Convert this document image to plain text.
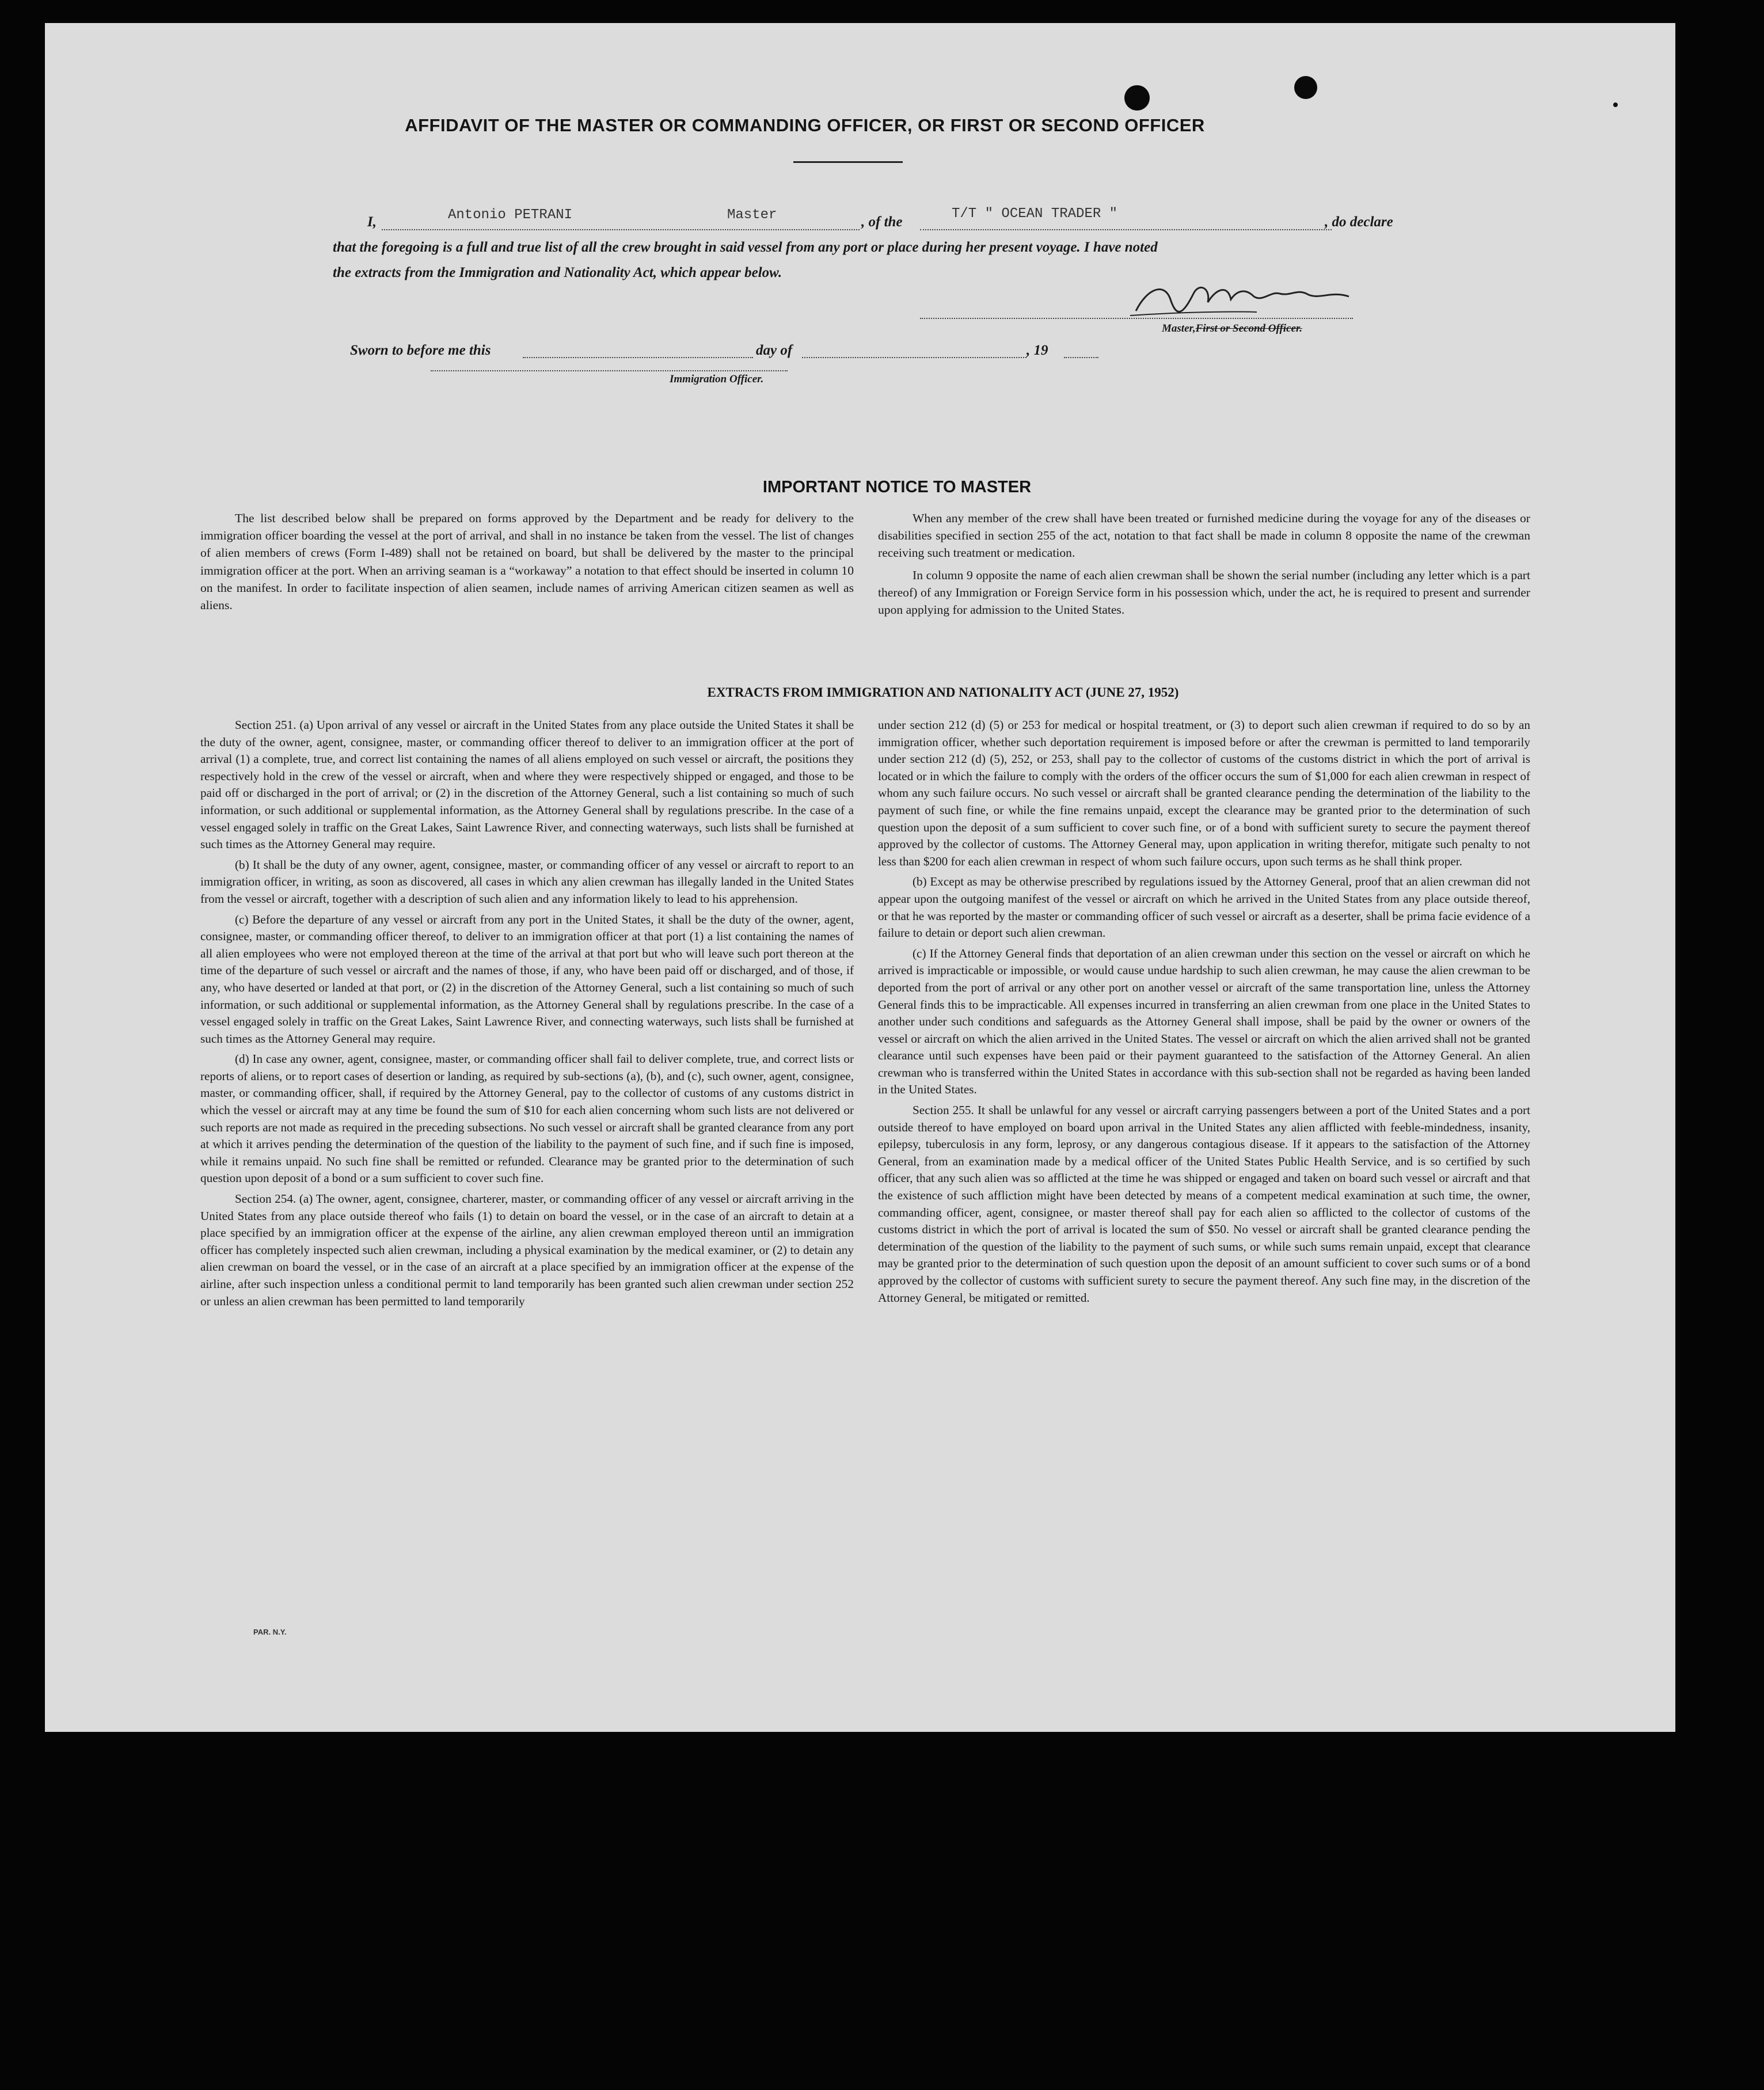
AFFIDAVIT OF THE MASTER OR COMMANDING OFFICER, OR FIRST OR SECOND OFFICER
I,	Antonio PETRANI	Master	, of the
T/T " OCEAN TRADER "
, do declare
that the foregoing is a full and true list of all the crew brought in said vessel from any port or place during her present voyage. I have noted
the extracts from the Immigration and Nationality Act, which appear below.
Master,First or Second Officer.
Sworn to before me this	day of	, 19
Immigration Officer.
IMPORTANT NOTICE TO MASTER

The list described below shall be prepared on forms approved by the Department and be ready for delivery to the immigration officer boarding the vessel at the port of arrival, and shall in no instance be taken from the vessel. The list of changes of alien members of crews (Form I-489) shall not be retained on board, but shall be delivered by the master to the principal immigration officer at the port. When an arriving seaman is a “workaway” a notation to that effect should be inserted in column 10 on the manifest. In order to facilitate inspection of alien seamen, include names of arriving American citizen seamen as well as aliens.

When any member of the crew shall have been treated or furnished medicine during the voyage for any of the diseases or disabilities specified in section 255 of the act, notation to that fact shall be made in column 8 opposite the name of the crewman receiving such treatment or medication.

In column 9 opposite the name of each alien crewman shall be shown the serial number (including any letter which is a part thereof) of any Immigration or Foreign Service form in his possession which, under the act, he is required to present and surrender upon applying for admission to the United States.

EXTRACTS FROM IMMIGRATION AND NATIONALITY ACT (JUNE 27, 1952)

Section 251. (a) Upon arrival of any vessel or aircraft in the United States from any place outside the United States it shall be the duty of the owner, agent, consignee, master, or commanding officer thereof to deliver to an immigration officer at the port of arrival (1) a complete, true, and correct list containing the names of all aliens employed on such vessel or aircraft, the positions they respectively hold in the crew of the vessel or aircraft, when and where they were respectively shipped or engaged, and those to be paid off or discharged in the port of arrival; or (2) in the discretion of the Attorney General, such a list containing so much of such information, or such additional or supplemental information, as the Attorney General shall by regulations prescribe. In the case of a vessel engaged solely in traffic on the Great Lakes, Saint Lawrence River, and connecting waterways, such lists shall be furnished at such times as the Attorney General may require.

(b) It shall be the duty of any owner, agent, consignee, master, or commanding officer of any vessel or aircraft to report to an immigration officer, in writing, as soon as discovered, all cases in which any alien crewman has illegally landed in the United States from the vessel or aircraft, together with a description of such alien and any information likely to lead to his apprehension.

(c) Before the departure of any vessel or aircraft from any port in the United States, it shall be the duty of the owner, agent, consignee, master, or commanding officer thereof, to deliver to an immigration officer at that port (1) a list containing the names of all alien employees who were not employed thereon at the time of the arrival at that port but who will leave such port thereon at the time of the departure of such vessel or aircraft and the names of those, if any, who have been paid off or discharged, and of those, if any, who have deserted or landed at that port, or (2) in the discretion of the Attorney General, such a list containing so much of such information, or such additional or supplemental information, as the Attorney General shall by regulations prescribe. In the case of a vessel engaged solely in traffic on the Great Lakes, Saint Lawrence River, and connecting waterways, such lists shall be furnished at such times as the Attorney General may require.

(d) In case any owner, agent, consignee, master, or commanding officer shall fail to deliver complete, true, and correct lists or reports of aliens, or to report cases of desertion or landing, as required by sub-sections (a), (b), and (c), such owner, agent, consignee, master, or commanding officer, shall, if required by the Attorney General, pay to the collector of customs of any customs district in which the vessel or aircraft may at any time be found the sum of $10 for each alien concerning whom such lists are not delivered or such reports are not made as required in the preceding subsections. No such vessel or aircraft shall be granted clearance from any port at which it arrives pending the determination of the question of the liability to the payment of such fine, and if such fine is imposed, while it remains unpaid. No such fine shall be remitted or refunded. Clearance may be granted prior to the determination of such question upon deposit of a bond or a sum sufficient to cover such fine.

Section 254. (a) The owner, agent, consignee, charterer, master, or commanding officer of any vessel or aircraft arriving in the United States from any place outside thereof who fails (1) to detain on board the vessel, or in the case of an aircraft to detain at a place specified by an immigration officer at the expense of the airline, any alien crewman employed thereon until an immigration officer has completely inspected such alien crewman, including a physical examination by the medical examiner, or (2) to detain any alien crewman on board the vessel, or in the case of an aircraft at a place specified by an immigration officer at the expense of the airline, after such inspection unless a conditional permit to land temporarily has been granted such alien crewman under section 252 or unless an alien crewman has been permitted to land temporarily

under section 212 (d) (5) or 253 for medical or hospital treatment, or (3) to deport such alien crewman if required to do so by an immigration officer, whether such deportation requirement is imposed before or after the crewman is permitted to land temporarily under section 212 (d) (5), 252, or 253, shall pay to the collector of customs of the customs district in which the port of arrival is located or in which the failure to comply with the orders of the officer occurs the sum of $1,000 for each alien crewman in respect of whom any such failure occurs. No such vessel or aircraft shall be granted clearance pending the determination of the liability to the payment of such fine, or while the fine remains unpaid, except the clearance may be granted prior to the determination of such question upon the deposit of a sum sufficient to cover such fine, or of a bond with sufficient surety to secure the payment thereof approved by the collector of customs. The Attorney General may, upon application in writing therefor, mitigate such penalty to not less than $200 for each alien crewman in respect of whom such failure occurs, upon such terms as he shall think proper.

(b) Except as may be otherwise prescribed by regulations issued by the Attorney General, proof that an alien crewman did not appear upon the outgoing manifest of the vessel or aircraft on which he arrived in the United States from any place outside thereof, or that he was reported by the master or commanding officer of such vessel or aircraft as a deserter, shall be prima facie evidence of a failure to detain or deport such alien crewman.

(c) If the Attorney General finds that deportation of an alien crewman under this section on the vessel or aircraft on which he arrived is impracticable or impossible, or would cause undue hardship to such alien crewman, he may cause the alien crewman to be deported from the port of arrival or any other port on another vessel or aircraft of the same transportation line, unless the Attorney General finds this to be impracticable. All expenses incurred in transferring an alien crewman from one place in the United States to another under such conditions and safeguards as the Attorney General shall impose, shall be paid by the owner or owners of the vessel or aircraft on which the alien arrived in the United States. The vessel or aircraft on which the alien arrived shall not be granted clearance until such expenses have been paid or their payment guaranteed to the satisfaction of the Attorney General. An alien crewman who is transferred within the United States in accordance with this sub-section shall not be regarded as having been landed in the United States.

Section 255. It shall be unlawful for any vessel or aircraft carrying passengers between a port of the United States and a port outside thereof to have employed on board upon arrival in the United States any alien afflicted with feeble-mindedness, insanity, epilepsy, tuberculosis in any form, leprosy, or any dangerous contagious disease. If it appears to the satisfaction of the Attorney General, from an examination made by a medical officer of the United States Public Health Service, and is so certified by such officer, that any such alien was so afflicted at the time he was shipped or engaged and taken on board such vessel or aircraft and that the existence of such affliction might have been detected by means of a competent medical examination at such time, the owner, commanding officer, agent, consignee, or master thereof shall pay for each alien so afflicted to the collector of customs of the customs district in which the port of arrival is located the sum of $50. No vessel or aircraft shall be granted clearance pending the determination of the question of the liability to the payment of such sums, or while such sums remain unpaid, except that clearance may be granted prior to the determination of such question upon the deposit of an amount sufficient to cover such sums or of a bond approved by the collector of customs with sufficient surety to secure the payment thereof. Any such fine may, in the discretion of the Attorney General, be mitigated or remitted.

PAR. N.Y.
